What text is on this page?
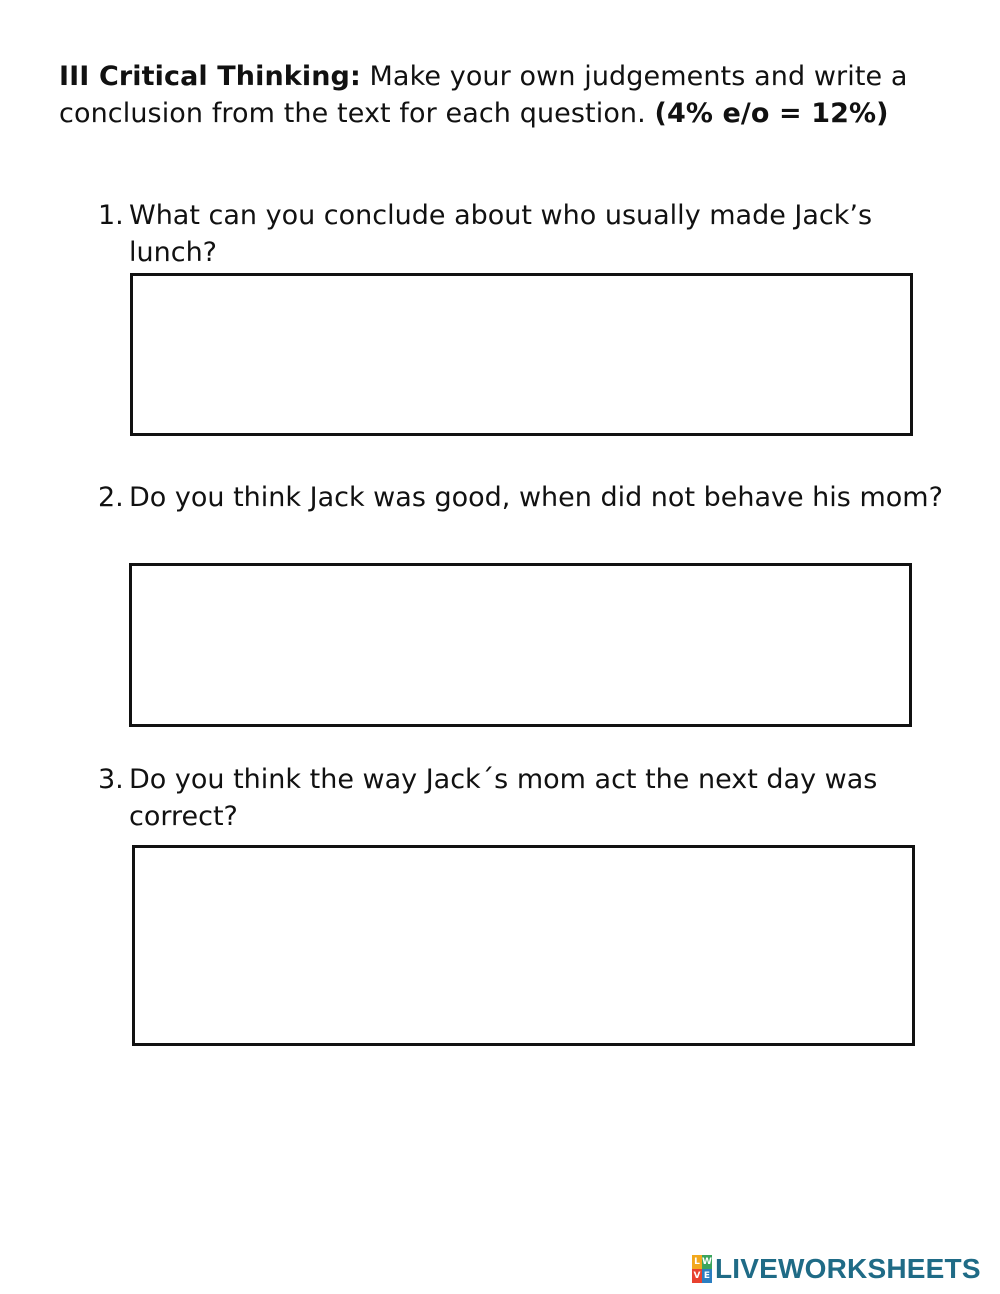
III Critical Thinking: Make your own judgements and write a conclusion from the text for each question. (4% e/o = 12%)

1. What can you conclude about who usually made Jack’s lunch?
2. Do you think Jack was good, when did not behave his mom?
3. Do you think the way Jack´s mom act the next day was correct?
L W
V E LIVEWORKSHEETS
